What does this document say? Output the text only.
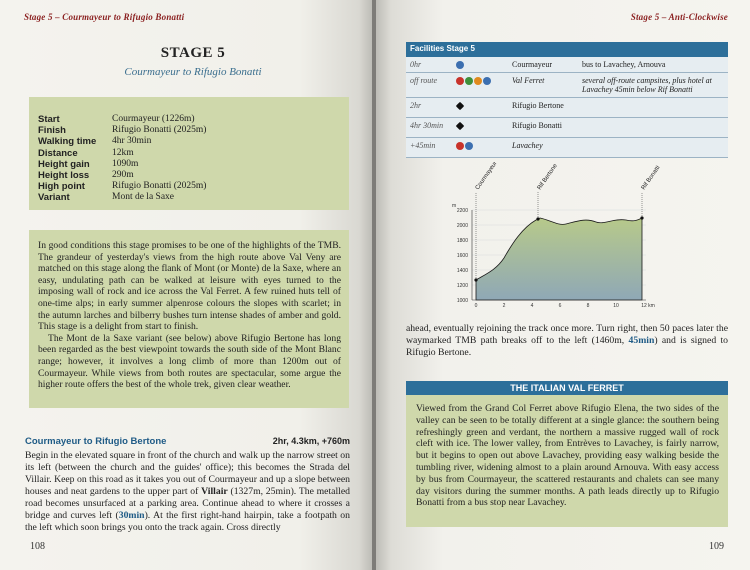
Stage 5 – Courmayeur to Rifugio Bonatti
STAGE 5
Courmayeur to Rifugio Bonatti
Start	Courmayeur (1226m)
Finish	Rifugio Bonatti (2025m)
Walking time	4hr 30min
Distance	12km
Height gain	1090m
Height loss	290m
High point	Rifugio Bonatti (2025m)
Variant	Mont de la Saxe

In good conditions this stage promises to be one of the highlights of the TMB. The grandeur of yesterday's views from the high route above Val Veny are matched on this stage along the flank of Mont (or Monte) de la Saxe, where an easy, undulating path can be walked at leisure with eyes turned to the imposing wall of rock and ice across the Val Ferret. A few ruined huts tell of one-time alps; in early summer alpenrose colours the slopes with scarlet; in the autumn larches and bilberry bushes turn intense shades of amber and gold. This stage is a delight from start to finish.

The Mont de la Saxe variant (see below) above Rifugio Bertone has long been regarded as the best viewpoint towards the south side of the Mont Blanc range; however, it involves a long climb of more than 1200m out of Courmayeur. While views from both routes are spectacular, some argue the higher route offers the best of the whole trek, given clear weather.

Courmayeur to Rifugio Bertone	2hr, 4.3km, +760m

Begin in the elevated square in front of the church and walk up the narrow street on its left (between the church and the guides' office); this becomes the Strada del Villair. Keep on this road as it takes you out of Courmayeur and up a slope between houses and neat gardens to the upper part of Villair (1327m, 25min). The metalled road becomes unsurfaced at a parking area. Continue ahead to where it crosses a bridge and curves left (30min). At the first right-hand hairpin, take a footpath on the left which soon brings you onto the track again. Cross directly

108
Stage 5 – Anti-Clockwise
Facilities Stage 5
0hr	Courmayeur	bus to Lavachey, Arnouva
off route	Val Ferret	several off-route campsites, plus hotel at Lavachey 45min below Rif Bonatti
2hr	Rifugio Bertone
4hr 30min	Rifugio Bonatti
+45min	Lavachey
m
1000
1200
1400
1600
1800
2000
2200
0	2	4	6	8	10	12 km
Courmayeur	Rif Bertone	Rif Bonatti

ahead, eventually rejoining the track once more. Turn right, then 50 paces later the waymarked TMB path breaks off to the left (1460m, 45min) and is signed to Rifugio Bertone.

THE ITALIAN VAL FERRET

Viewed from the Grand Col Ferret above Rifugio Elena, the two sides of the valley can be seen to be totally different at a single glance: the southern being refreshingly green and verdant, the northern a massive rugged wall of rock cleft with ice. The lower valley, from Entrèves to Lavachey, is fairly narrow, but it begins to open out above Lavachey, providing easy walking beside the tumbling river, widening almost to a plain around Arnouva. With easy access by bus from Courmayeur, the scattered restaurants and chalets can see many day visitors during the summer months. A path leads directly up to Rifugio Bonatti from a bus stop near Lavachey.

109
